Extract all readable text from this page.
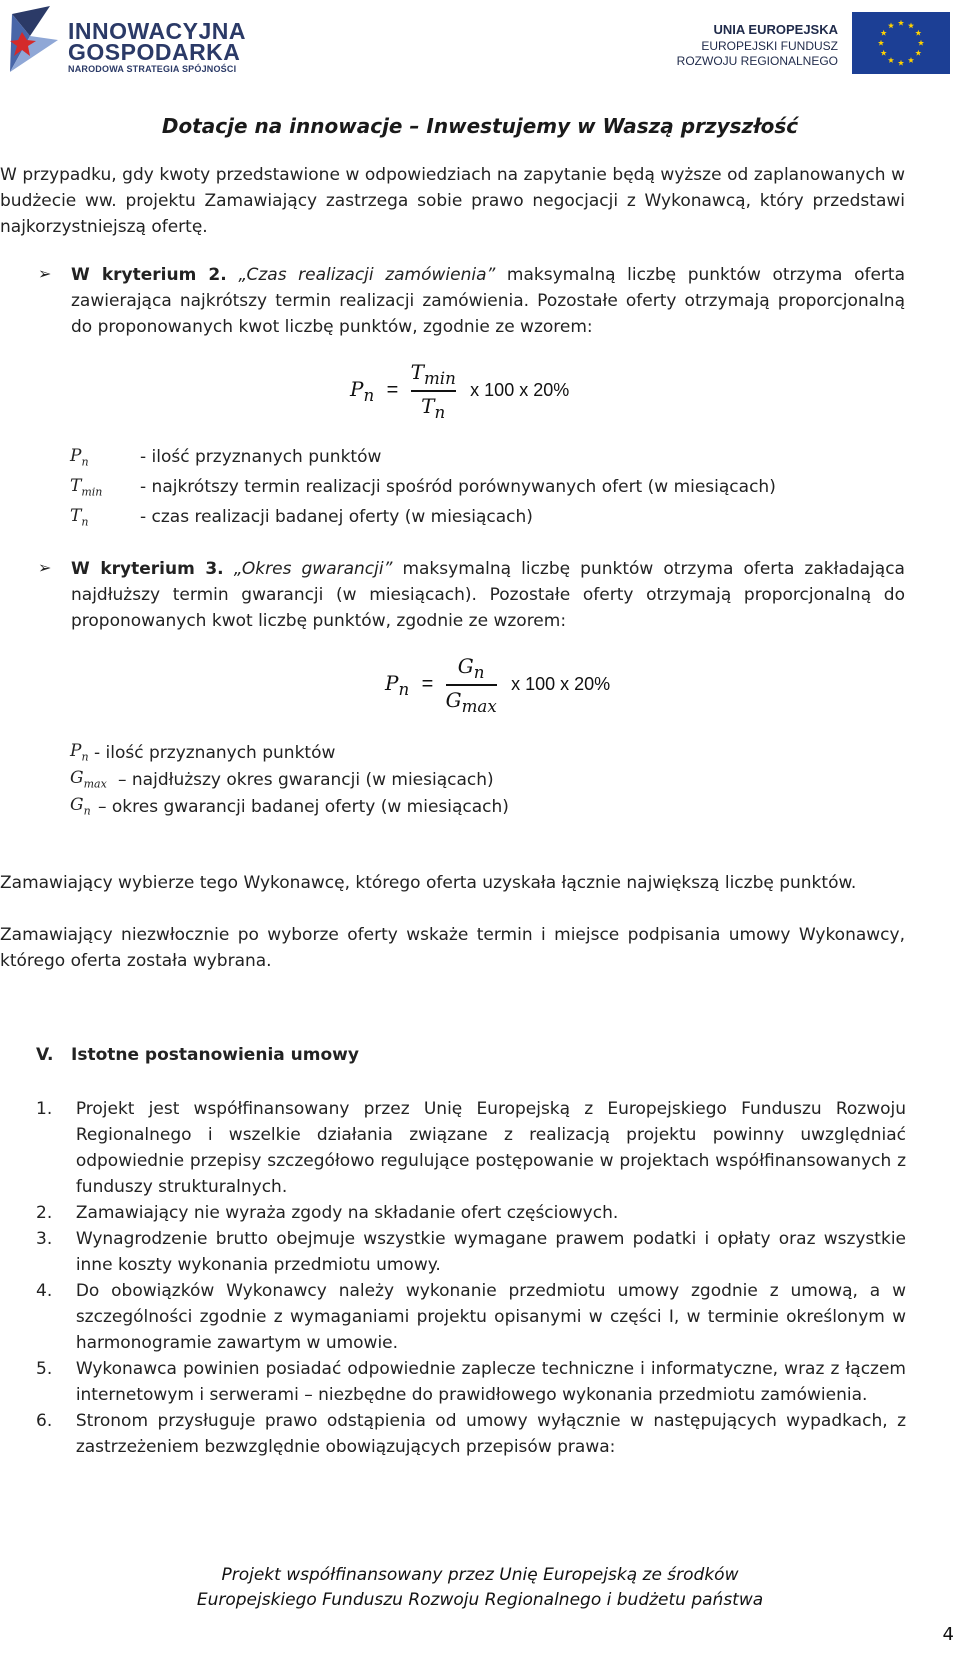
INNOWACYJNA
GOSPODARKA
NARODOWA STRATEGIA SPÓJNOŚCI
UNIA EUROPEJSKA
EUROPEJSKI FUNDUSZ
ROZWOJU REGIONALNEGO
Dotacje na innowacje – Inwestujemy w Waszą przyszłość
W przypadku, gdy kwoty przedstawione w odpowiedziach na zapytanie będą wyższe od zaplanowanych w budżecie ww. projektu Zamawiający zastrzega sobie prawo negocjacji z Wykonawcą, który przedstawi najkorzystniejszą ofertę.
➢ W kryterium 2. „Czas realizacji zamówienia” maksymalną liczbę punktów otrzyma oferta zawierająca najkrótszy termin realizacji zamówienia. Pozostałe oferty otrzymają proporcjonalną do proponowanych kwot liczbę punktów, zgodnie ze wzorem:
$P_n = \frac{T_{min}}{T_n}$ x 100 x 20%
$P_n$	- ilość przyznanych punktów
$T_{min}$ - najkrótszy termin realizacji spośród porównywanych ofert (w miesiącach)
$T_n$	- czas realizacji badanej oferty (w miesiącach)
➢ W kryterium 3. „Okres gwarancji” maksymalną liczbę punktów otrzyma oferta zakładająca najdłuższy termin gwarancji (w miesiącach). Pozostałe oferty otrzymają proporcjonalną do proponowanych kwot liczbę punktów, zgodnie ze wzorem:
$P_n = \frac{G_n}{G_{max}}$ x 100 x 20%
$P_n$ - ilość przyznanych punktów
$G_{max}$ – najdłuższy okres gwarancji (w miesiącach)
$G_n$ – okres gwarancji badanej oferty (w miesiącach)
Zamawiający wybierze tego Wykonawcę, którego oferta uzyskała łącznie największą liczbę punktów.
Zamawiający niezwłocznie po wyborze oferty wskaże termin i miejsce podpisania umowy Wykonawcy, którego oferta została wybrana.
V. Istotne postanowienia umowy
1.	Projekt jest współfinansowany przez Unię Europejską z Europejskiego Funduszu Rozwoju Regionalnego i wszelkie działania związane z realizacją projektu powinny uwzględniać odpowiednie przepisy szczegółowo regulujące postępowanie w projektach współfinansowanych z funduszy strukturalnych.
2.	Zamawiający nie wyraża zgody na składanie ofert częściowych.
3.	Wynagrodzenie brutto obejmuje wszystkie wymagane prawem podatki i opłaty oraz wszystkie inne koszty wykonania przedmiotu umowy.
4.	Do obowiązków Wykonawcy należy wykonanie przedmiotu umowy zgodnie z umową, a w szczególności zgodnie z wymaganiami projektu opisanymi w części I, w terminie określonym w harmonogramie zawartym w umowie.
5.	Wykonawca powinien posiadać odpowiednie zaplecze techniczne i informatyczne, wraz z łączem internetowym i serwerami – niezbędne do prawidłowego wykonania przedmiotu zamówienia.
6.	Stronom przysługuje prawo odstąpienia od umowy wyłącznie w następujących wypadkach, z zastrzeżeniem bezwzględnie obowiązujących przepisów prawa:
Projekt współfinansowany przez Unię Europejską ze środków
Europejskiego Funduszu Rozwoju Regionalnego i budżetu państwa
4
